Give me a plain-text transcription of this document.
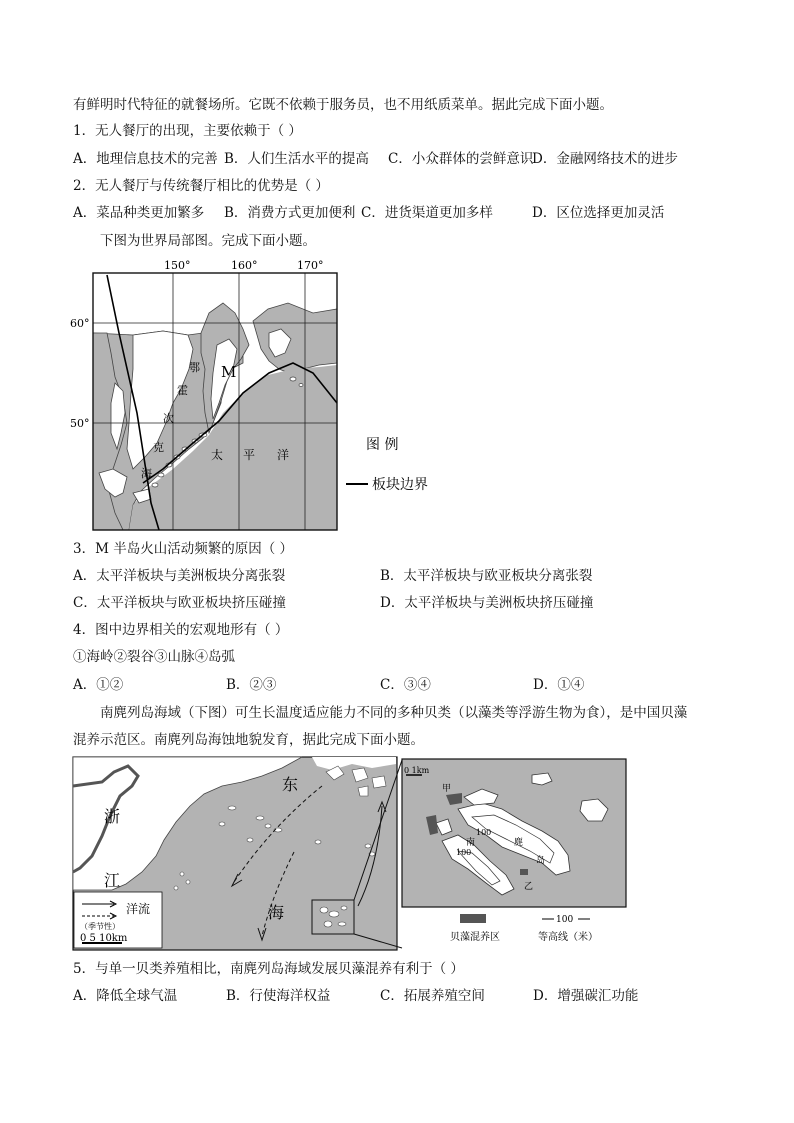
有鲜明时代特征的就餐场所。它既不依赖于服务员，也不用纸质菜单。据此完成下面小题。
1．无人餐厅的出现，主要依赖于（ ）
A．地理信息技术的完善 B．人们生活水平的提高 C．小众群体的尝鲜意识
D．金融网络技术的进步
2．无人餐厅与传统餐厅相比的优势是（ ）
A．菜品种类更加繁多 B．消费方式更加便利 C．进货渠道更加多样	D．区位选择更加灵活
下图为世界局部图。完成下面小题。
150°	160°	170°
60°
50°
M
鄂
霍
次
克
海
太 平 洋
图 例
板块边界
3．M 半岛火山活动频繁的原因（ ）
A．太平洋板块与美洲板块分离张裂	B．太平洋板块与欧亚板块分离张裂
C．太平洋板块与欧亚板块挤压碰撞	D．太平洋板块与美洲板块挤压碰撞
4．图中边界相关的宏观地形有（ ）
①海岭②裂谷③山脉④岛弧
A．①②	B．②③	C．③④	D．①④
南麂列岛海域（下图）可生长温度适应能力不同的多种贝类（以藻类等浮游生物为食），是中国贝藻
混养示范区。南麂列岛海蚀地貌发育，据此完成下面小题。
浙
江
东
海
洋流
（季节性）
0 5 10km
0 1km
甲
乙
100
100
南	麂
岛
贝藻混养区
100
等高线（米）
5．与单一贝类养殖相比，南麂列岛海域发展贝藻混养有利于（ ）
A．降低全球气温	B．行使海洋权益	C．拓展养殖空间	D．增强碳汇功能
